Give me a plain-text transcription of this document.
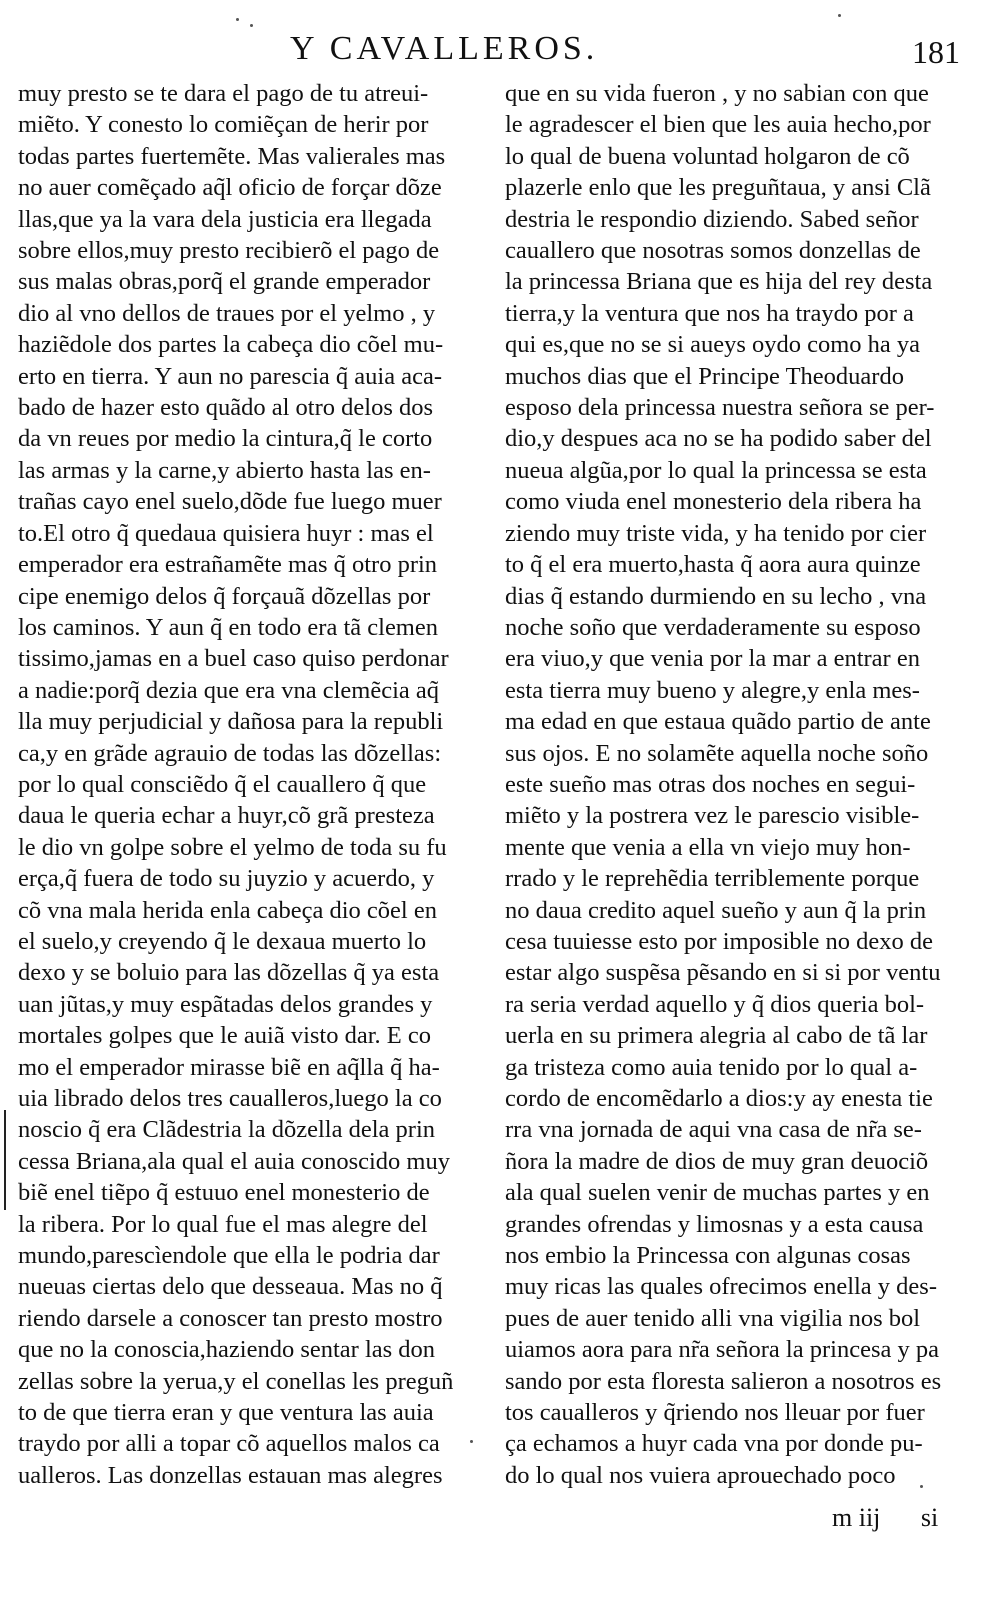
Y CAVALLEROS.	181
muy presto se te dara el pago de tu atreui-
miẽto. Y conesto lo comiẽçan de herir por
todas partes fuertemẽte. Mas valierales mas
no auer comẽçado aq̃l oficio de forçar dõze
llas,que ya la vara dela justicia era llegada
sobre ellos,muy presto recibierõ el pago de
sus malas obras,porq̃ el grande emperador
dio al vno dellos de traues por el yelmo , y
haziẽdole dos partes la cabeça dio cõel mu-
erto en tierra. Y aun no parescia q̃ auia aca-
bado de hazer esto quãdo al otro delos dos
da vn reues por medio la cintura,q̃ le corto
las armas y la carne,y abierto hasta las en-
trañas cayo enel suelo,dõde fue luego muer
to.El otro q̃ quedaua quisiera huyr : mas el
emperador era estrañamẽte mas q̃ otro prin
cipe enemigo delos q̃ forçauã dõzellas por
los caminos. Y aun q̃ en todo era tã clemen
tissimo,jamas en a buel caso quiso perdonar
a nadie:porq̃ dezia que era vna clemẽcia aq̃
lla muy perjudicial y dañosa para la republi
ca,y en grãde agrauio de todas las dõzellas:
por lo qual consciẽdo q̃ el cauallero q̃ que
daua le queria echar a huyr,cõ grã presteza
le dio vn golpe sobre el yelmo de toda su fu
erça,q̃ fuera de todo su juyzio y acuerdo, y
cõ vna mala herida enla cabeça dio cõel en
el suelo,y creyendo q̃ le dexaua muerto lo
dexo y se boluio para las dõzellas q̃ ya esta
uan jũtas,y muy espãtadas delos grandes y
mortales golpes que le auiã visto dar. E co
mo el emperador mirasse biẽ en aq̃lla q̃ ha-
uia librado delos tres caualleros,luego la co
noscio q̃ era Clãdestria la dõzella dela prin
cessa Briana,ala qual el auia conoscido muy
biẽ enel tiẽpo q̃ estuuo enel monesterio de
la ribera. Por lo qual fue el mas alegre del
mundo,parescìendole que ella le podria dar
nueuas ciertas delo que desseaua. Mas no q̃
riendo darsele a conoscer tan presto mostro
que no la conoscia,haziendo sentar las don
zellas sobre la yerua,y el conellas les preguñ
to de que tierra eran y que ventura las auia
traydo por alli a topar cõ aquellos malos ca
ualleros. Las donzellas estauan mas alegres
que en su vida fueron , y no sabian con que
le agradescer el bien que les auia hecho,por
lo qual de buena voluntad holgaron de cõ
plazerle enlo que les preguñtaua, y ansi Clã
destria le respondio diziendo. Sabed señor
cauallero que nosotras somos donzellas de
la princessa Briana que es hija del rey desta
tierra,y la ventura que nos ha traydo por a
qui es,que no se si aueys oydo como ha ya
muchos dias que el Principe Theoduardo
esposo dela princessa nuestra señora se per-
dio,y despues aca no se ha podido saber del
nueua algũa,por lo qual la princessa se esta
como viuda enel monesterio dela ribera ha
ziendo muy triste vida, y ha tenido por cier
to q̃ el era muerto,hasta q̃ aora aura quinze
dias q̃ estando durmiendo en su lecho , vna
noche soño que verdaderamente su esposo
era viuo,y que venia por la mar a entrar en
esta tierra muy bueno y alegre,y enla mes-
ma edad en que estaua quãdo partio de ante
sus ojos. E no solamẽte aquella noche soño
este sueño mas otras dos noches en segui-
miẽto y la postrera vez le parescio visible-
mente que venia a ella vn viejo muy hon-
rrado y le reprehẽdia terriblemente porque
no daua credito aquel sueño y aun q̃ la prin
cesa tuuiesse esto por imposible no dexo de
estar algo suspẽsa pẽsando en si si por ventu
ra seria verdad aquello y q̃ dios queria bol-
uerla en su primera alegria al cabo de tã lar
ga tristeza como auia tenido por lo qual a-
cordo de encomẽdarlo a dios:y ay enesta tie
rra vna jornada de aqui vna casa de nr̃a se-
ñora la madre de dios de muy gran deuociõ
ala qual suelen venir de muchas partes y en
grandes ofrendas y limosnas y a esta causa
nos embio la Princessa con algunas cosas
muy ricas las quales ofrecimos enella y des-
pues de auer tenido alli vna vigilia nos bol
uiamos aora para nr̃a señora la princesa y pa
sando por esta floresta salieron a nosotros es
tos caualleros y q̃riendo nos lleuar por fuer
ça echamos a huyr cada vna por donde pu-
do lo qual nos vuiera aprouechado poco
m iij si
